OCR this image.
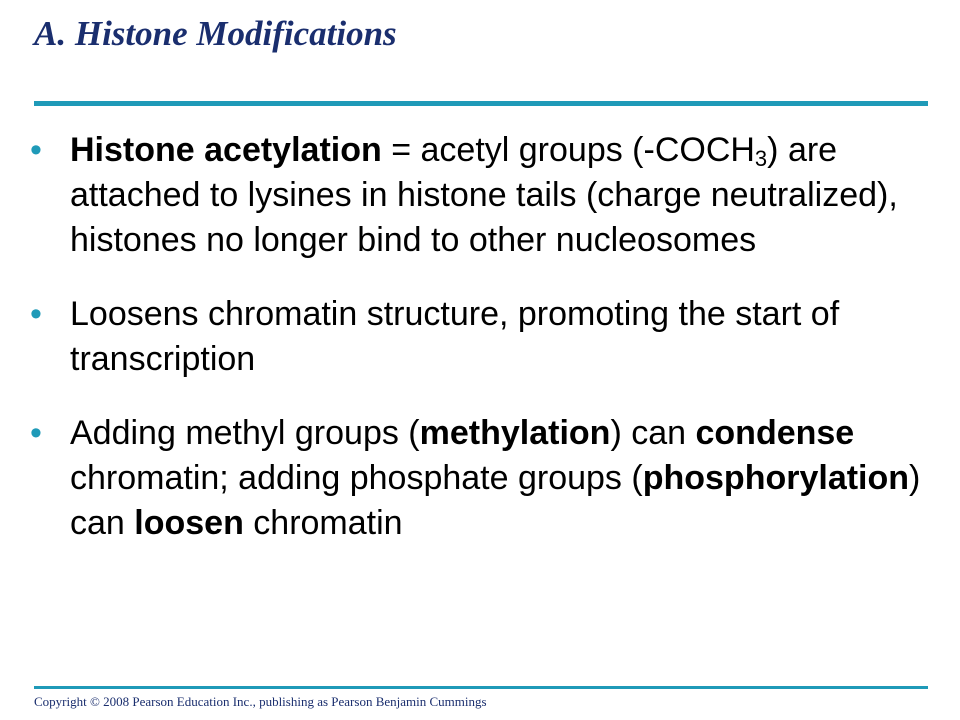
A. Histone Modifications
• Histone acetylation = acetyl groups $(-COCH_3)$ are attached to lysines in histone tails (charge neutralized), histones no longer bind to other nucleosomes
• Loosens chromatin structure, promoting the start of transcription
• Adding methyl groups (methylation) can condense chromatin; adding phosphate groups (phosphorylation) can loosen chromatin
Copyright © 2008 Pearson Education Inc., publishing as Pearson Benjamin Cummings
